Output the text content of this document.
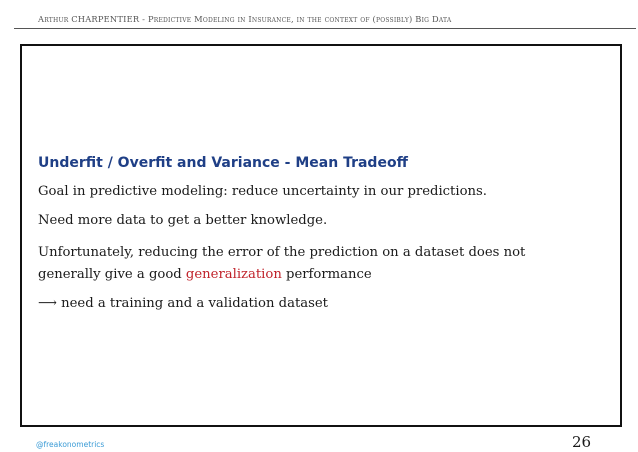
Arthur CHARPENTIER - Predictive Modeling in Insurance, in the context of (possibly) Big Data
Underfit / Overfit and Variance - Mean Tradeoff
Goal in predictive modeling: reduce uncertainty in our predictions.
Need more data to get a better knowledge.
Unfortunately, reducing the error of the prediction on a dataset does not
generally give a good generalization performance
⟶ need a training and a validation dataset
@freakonometrics	26
